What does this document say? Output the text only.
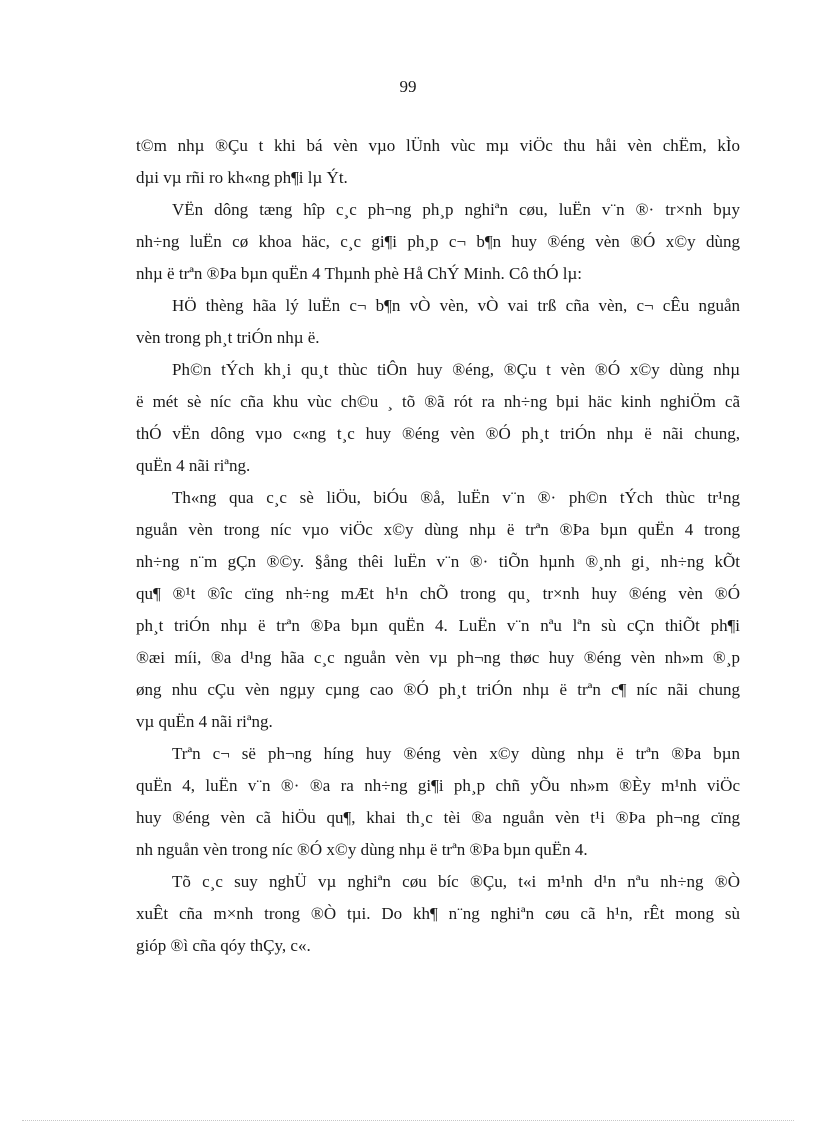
99
t©m nhµ ®Çu t khi bá vèn vµo lÜnh vùc mµ viÖc thu håi vèn chËm, kÌo
dµi vµ rñi ro kh«ng ph¶i lµ Ýt.
VËn dông tæng hîp c¸c ph¬ng ph¸p nghiªn cøu, luËn v¨n ®· tr×nh bµy
nh÷ng luËn cø khoa häc, c¸c gi¶i ph¸p c¬ b¶n huy ®éng vèn ®Ó x©y dùng
nhµ ë trªn ®Þa bµn quËn 4 Thµnh phè Hå ChÝ Minh. Cô thÓ lµ:
HÖ thèng hãa lý luËn c¬ b¶n vÒ vèn, vÒ vai trß cña vèn, c¬ cÊu nguån
vèn trong ph¸t triÓn nhµ ë.
Ph©n tÝch kh¸i qu¸t thùc tiÔn huy ®éng, ®Çu t vèn ®Ó x©y dùng nhµ
ë mét sè níc cña khu vùc ch©u ¸ tõ ®ã rót ra nh÷ng bµi häc kinh nghiÖm cã
thÓ vËn dông vµo c«ng t¸c huy ®éng vèn ®Ó ph¸t triÓn nhµ ë nãi chung,
quËn 4 nãi riªng.
Th«ng qua c¸c sè liÖu, biÓu ®å, luËn v¨n ®· ph©n tÝch thùc tr¹ng
nguån vèn trong níc vµo viÖc x©y dùng nhµ ë trªn ®Þa bµn quËn 4 trong
nh÷ng n¨m gÇn ®©y. §ång thêi luËn v¨n ®· tiÕn hµnh ®¸nh gi¸ nh÷ng kÕt
qu¶ ®¹t ®îc cïng nh÷ng mÆt h¹n chÕ trong qu¸ tr×nh huy ®éng vèn ®Ó
ph¸t triÓn nhµ ë trªn ®Þa bµn quËn 4. LuËn v¨n nªu lªn sù cÇn thiÕt ph¶i
®æi míi, ®a d¹ng hãa c¸c nguån vèn vµ ph¬ng thøc huy ®éng vèn nh»m ®¸p
øng nhu cÇu vèn ngµy cµng cao ®Ó ph¸t triÓn nhµ ë trªn c¶ níc nãi chung
vµ quËn 4 nãi riªng.
Trªn c¬ së ph¬ng híng huy ®éng vèn x©y dùng nhµ ë trªn ®Þa bµn
quËn 4, luËn v¨n ®· ®a ra nh÷ng gi¶i ph¸p chñ yÕu nh»m ®Èy m¹nh viÖc
huy ®éng vèn cã hiÖu qu¶, khai th¸c tèi ®a nguån vèn t¹i ®Þa ph¬ng cïng
nh nguån vèn trong níc ®Ó x©y dùng nhµ ë trªn ®Þa bµn quËn 4.
Tõ c¸c suy nghÜ vµ nghiªn cøu bíc ®Çu, t«i m¹nh d¹n nªu nh÷ng ®Ò
xuÊt cña m×nh trong ®Ò tµi. Do kh¶ n¨ng nghiªn cøu cã h¹n, rÊt mong sù
gióp ®ì cña qóy thÇy, c«.
